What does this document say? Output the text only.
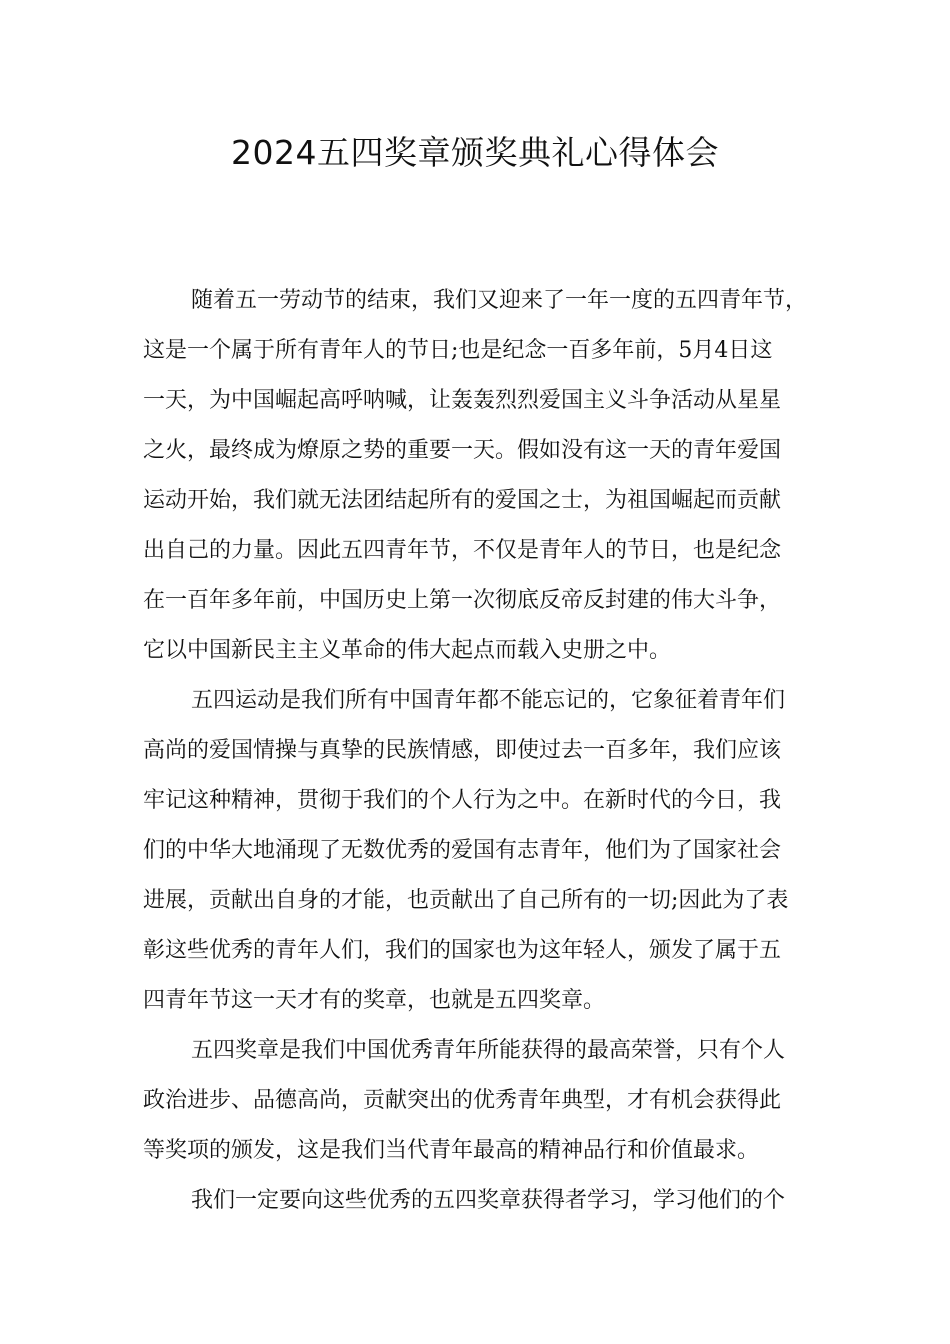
2024五四奖章颁奖典礼心得体会

随着五一劳动节的结束，我们又迎来了一年一度的五四青年节，
这是一个属于所有青年人的节日;也是纪念一百多年前，5月4日这
一天，为中国崛起高呼呐喊，让轰轰烈烈爱国主义斗争活动从星星
之火，最终成为燎原之势的重要一天。假如没有这一天的青年爱国
运动开始，我们就无法团结起所有的爱国之士，为祖国崛起而贡献
出自己的力量。因此五四青年节，不仅是青年人的节日，也是纪念
在一百年多年前，中国历史上第一次彻底反帝反封建的伟大斗争，
它以中国新民主主义革命的伟大起点而载入史册之中。

五四运动是我们所有中国青年都不能忘记的，它象征着青年们
高尚的爱国情操与真挚的民族情感，即使过去一百多年，我们应该
牢记这种精神，贯彻于我们的个人行为之中。在新时代的今日，我
们的中华大地涌现了无数优秀的爱国有志青年，他们为了国家社会
进展，贡献出自身的才能，也贡献出了自己所有的一切;因此为了表
彰这些优秀的青年人们，我们的国家也为这年轻人，颁发了属于五
四青年节这一天才有的奖章，也就是五四奖章。

五四奖章是我们中国优秀青年所能获得的最高荣誉，只有个人
政治进步、品德高尚，贡献突出的优秀青年典型，才有机会获得此
等奖项的颁发，这是我们当代青年最高的精神品行和价值最求。

我们一定要向这些优秀的五四奖章获得者学习，学习他们的个
